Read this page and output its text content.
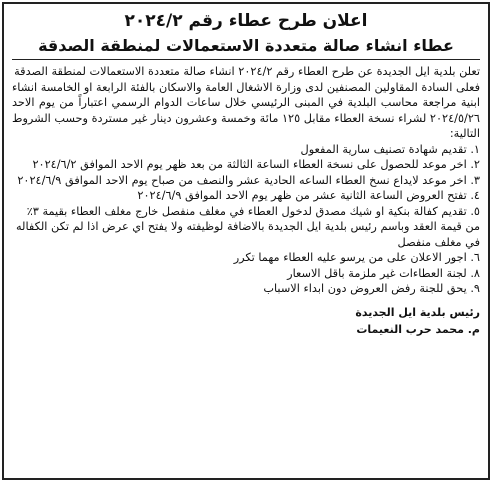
اعلان طرح عطاء رقم ٢٠٢٤/٢
عطاء انشاء صالة متعددة الاستعمالات لمنطقة الصدقة

تعلن بلدية ايل الجديدة عن طرح العطاء رقم ٢٠٢٤/٢ انشاء صالة متعددة الاستعمالات لمنطقة الصدقة

فعلى السادة المقاولين المصنفين لدى وزارة الاشغال العامة والاسكان بالفئة الرابعة او الخامسة انشاء ابنية مراجعة محاسب البلدية في المبنى الرئيسي خلال ساعات الدوام الرسمي اعتباراً من يوم الاحد ٢٠٢٤/٥/٢٦ لشراء نسخة العطاء مقابل ١٢٥ مائة وخمسة وعشرون دينار غير مستردة وحسب الشروط التالية:

١. تقديم شهادة تصنيف سارية المفعول
٢. اخر موعد للحصول على نسخة العطاء الساعة الثالثة من بعد ظهر يوم الاحد الموافق ٢٠٢٤/٦/٢
٣. اخر موعد لايداع نسخ العطاء الساعه الحادية عشر والنصف من صباح يوم الاحد الموافق ٢٠٢٤/٦/٩
٤. تفتح العروض الساعة الثانية عشر من ظهر يوم الاحد الموافق ٢٠٢٤/٦/٩
٥. تقديم كفالة بنكية او شيك مصدق لدخول العطاء في مغلف منفصل خارج مغلف العطاء بقيمة ٣٪ من قيمة العقد وباسم رئيس بلدية ايل الجديدة بالاضافة لوظيفته ولا يفتح اي عرض اذا لم تكن الكفاله في مغلف منفصل
٦. اجور الاعلان على من يرسو عليه العطاء مهما تكرر
٨. لجنة العطاءات غير ملزمة باقل الاسعار
٩. يحق للجنة رفض العروض دون ابداء الاسباب
رئيس بلدية ايل الجديدة
م. محمد حرب النعيمات
